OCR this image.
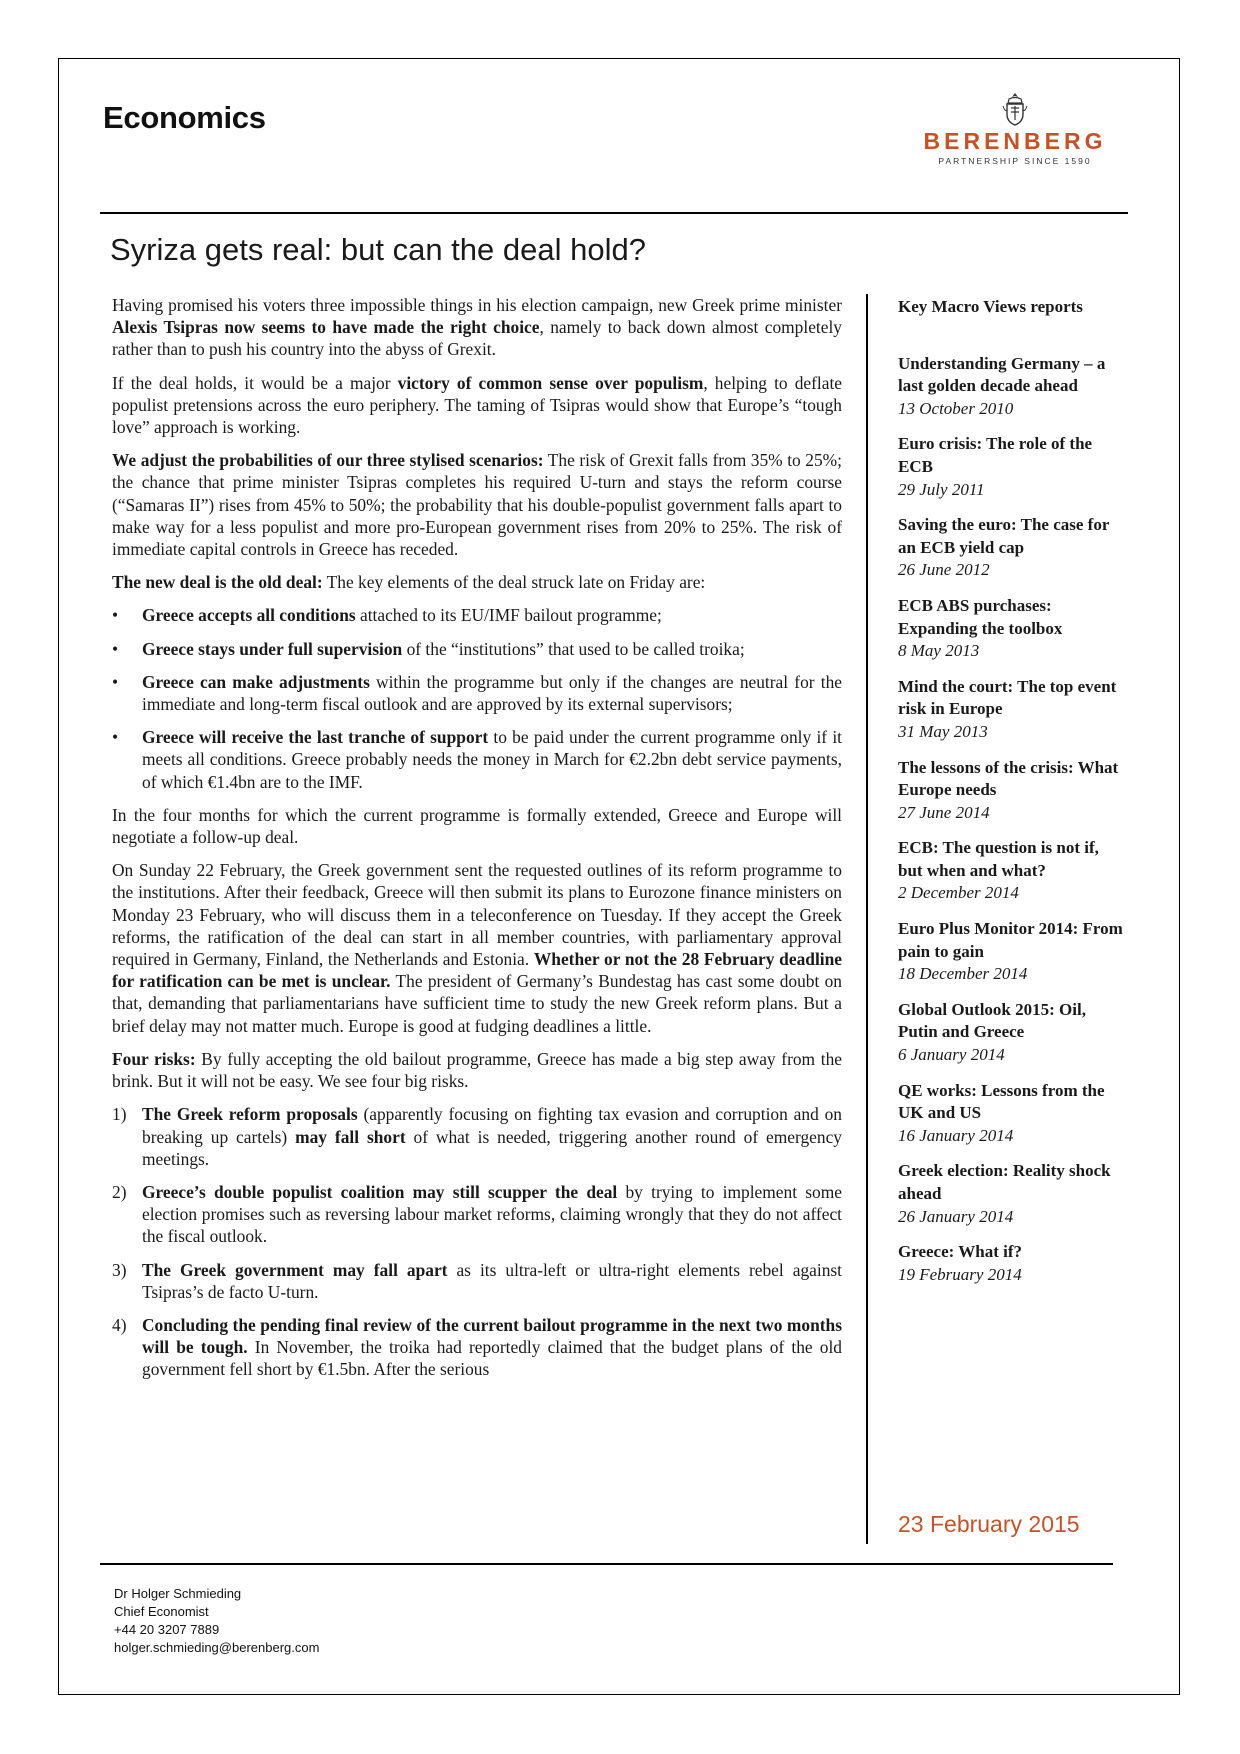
Economics
BERENBERG
PARTNERSHIP SINCE 1590
Syriza gets real: but can the deal hold?

Having promised his voters three impossible things in his election campaign, new Greek prime minister Alexis Tsipras now seems to have made the right choice, namely to back down almost completely rather than to push his country into the abyss of Grexit.

If the deal holds, it would be a major victory of common sense over populism, helping to deflate populist pretensions across the euro periphery. The taming of Tsipras would show that Europe’s “tough love” approach is working.

We adjust the probabilities of our three stylised scenarios: The risk of Grexit falls from 35% to 25%; the chance that prime minister Tsipras completes his required U-turn and stays the reform course (“Samaras II”) rises from 45% to 50%; the probability that his double-populist government falls apart to make way for a less populist and more pro-European government rises from 20% to 25%. The risk of immediate capital controls in Greece has receded.

The new deal is the old deal: The key elements of the deal struck late on Friday are:

• Greece accepts all conditions attached to its EU/IMF bailout programme;
• Greece stays under full supervision of the “institutions” that used to be called troika;
• Greece can make adjustments within the programme but only if the changes are neutral for the immediate and long-term fiscal outlook and are approved by its external supervisors;
• Greece will receive the last tranche of support to be paid under the current programme only if it meets all conditions. Greece probably needs the money in March for €2.2bn debt service payments, of which €1.4bn are to the IMF.

In the four months for which the current programme is formally extended, Greece and Europe will negotiate a follow-up deal.

On Sunday 22 February, the Greek government sent the requested outlines of its reform programme to the institutions. After their feedback, Greece will then submit its plans to Eurozone finance ministers on Monday 23 February, who will discuss them in a teleconference on Tuesday. If they accept the Greek reforms, the ratification of the deal can start in all member countries, with parliamentary approval required in Germany, Finland, the Netherlands and Estonia. Whether or not the 28 February deadline for ratification can be met is unclear. The president of Germany’s Bundestag has cast some doubt on that, demanding that parliamentarians have sufficient time to study the new Greek reform plans. But a brief delay may not matter much. Europe is good at fudging deadlines a little.

Four risks: By fully accepting the old bailout programme, Greece has made a big step away from the brink. But it will not be easy. We see four big risks.

1) The Greek reform proposals (apparently focusing on fighting tax evasion and corruption and on breaking up cartels) may fall short of what is needed, triggering another round of emergency meetings.
2) Greece’s double populist coalition may still scupper the deal by trying to implement some election promises such as reversing labour market reforms, claiming wrongly that they do not affect the fiscal outlook.
3) The Greek government may fall apart as its ultra-left or ultra-right elements rebel against Tsipras’s de facto U-turn.
4) Concluding the pending final review of the current bailout programme in the next two months will be tough. In November, the troika had reportedly claimed that the budget plans of the old government fell short by €1.5bn. After the serious
Key Macro Views reports
Understanding Germany – a last golden decade ahead
13 October 2010
Euro crisis: The role of the ECB
29 July 2011
Saving the euro: The case for an ECB yield cap
26 June 2012
ECB ABS purchases: Expanding the toolbox
8 May 2013
Mind the court: The top event risk in Europe
31 May 2013
The lessons of the crisis: What Europe needs
27 June 2014
ECB: The question is not if, but when and what?
2 December 2014
Euro Plus Monitor 2014: From pain to gain
18 December 2014
Global Outlook 2015: Oil, Putin and Greece
6 January 2014
QE works: Lessons from the UK and US
16 January 2014
Greek election: Reality shock ahead
26 January 2014
Greece: What if?
19 February 2014
23 February 2015
Dr Holger Schmieding
Chief Economist
+44 20 3207 7889
holger.schmieding@berenberg.com
